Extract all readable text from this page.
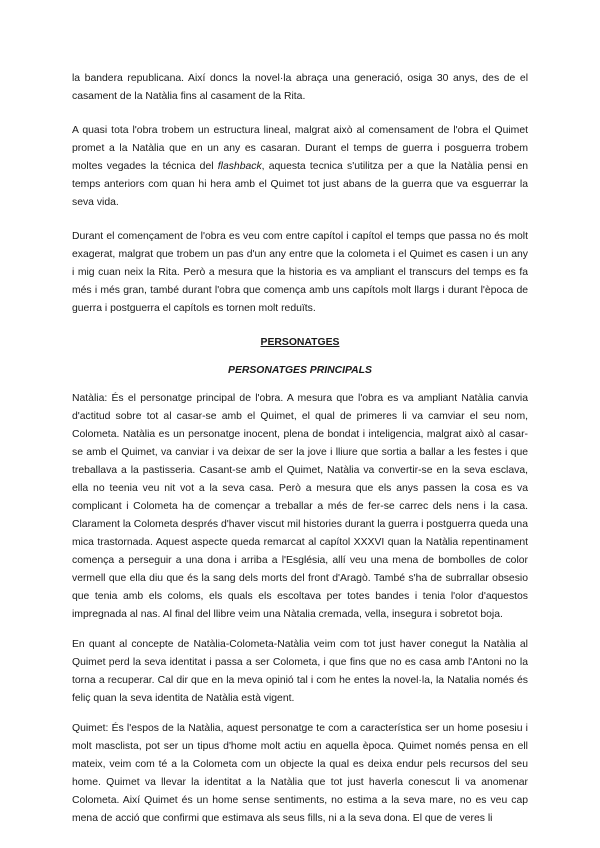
la bandera republicana. Així doncs la novel·la abraça una generació, osiga 30 anys, des de el casament de la Natàlia fins al casament de la Rita.

A quasi tota l'obra trobem un estructura lineal, malgrat això al comensament de l'obra el Quimet promet a la Natàlia que en un any es casaran. Durant el temps de guerra i posguerra trobem moltes vegades la técnica del flashback, aquesta tecnica s'utilitza per a que la Natàlia pensi en temps anteriors com quan hi hera amb el Quimet tot just abans de la guerra que va esguerrar la seva vida.

Durant el començament de l'obra es veu com entre capítol i capítol el temps que passa no és molt exagerat, malgrat que trobem un pas d'un any entre que la colometa i el Quimet es casen i un any i mig cuan neix la Rita. Però a mesura que la historia es va ampliant el transcurs del temps es fa més i més gran, també durant l'obra que comença amb uns capítols molt llargs i durant l'època de guerra i postguerra el capítols es tornen molt reduïts.

PERSONATGES
PERSONATGES PRINCIPALS

Natàlia: És el personatge principal de l'obra. A mesura que l'obra es va ampliant Natàlia canvia d'actitud sobre tot al casar-se amb el Quimet, el qual de primeres li va camviar el seu nom, Colometa. Natàlia es un personatge inocent, plena de bondat i inteligencia, malgrat això al casar-se amb el Quimet, va canviar i va deixar de ser la jove i lliure que sortia a ballar a les festes i que treballava a la pastisseria. Casant-se amb el Quimet, Natàlia va convertir-se en la seva esclava, ella no teenia veu nit vot a la seva casa. Però a mesura que els anys passen la cosa es va complicant i Colometa ha de començar a treballar a més de fer-se carrec dels nens i la casa. Clarament la Colometa després d'haver viscut mil histories durant la guerra i postguerra queda una mica trastornada. Aquest aspecte queda remarcat al capítol XXXVI quan la Natàlia repentinament comença a perseguir a una dona i arriba a l'Església, allí veu una mena de bombolles de color vermell que ella diu que és la sang dels morts del front d'Aragò. També s'ha de subrrallar obsesio que tenia amb els coloms, els quals els escoltava per totes bandes i tenia l'olor d'aquestos impregnada al nas. Al final del llibre veim una Nàtalia cremada, vella, insegura i sobretot boja.

En quant al concepte de Natàlia-Colometa-Natàlia veim com tot just haver conegut la Natàlia al Quimet perd la seva identitat i passa a ser Colometa, i que fins que no es casa amb l'Antoni no la torna a recuperar. Cal dir que en la meva opinió tal i com he entes la novel·la, la Natalia només és feliç quan la seva identita de Natàlia està vigent.

Quimet: És l'espos de la Natàlia, aquest personatge te com a característica ser un home posesiu i molt masclista, pot ser un tipus d'home molt actiu en aquella època. Quimet només pensa en ell mateix, veim com té a la Colometa com un objecte la qual es deixa endur pels recursos del seu home. Quimet va llevar la identitat a la Natàlia que tot just haverla conescut li va anomenar Colometa. Així Quimet és un home sense sentiments, no estima a la seva mare, no es veu cap mena de acció que confirmi que estimava als seus fills, ni a la seva dona. El que de veres li
